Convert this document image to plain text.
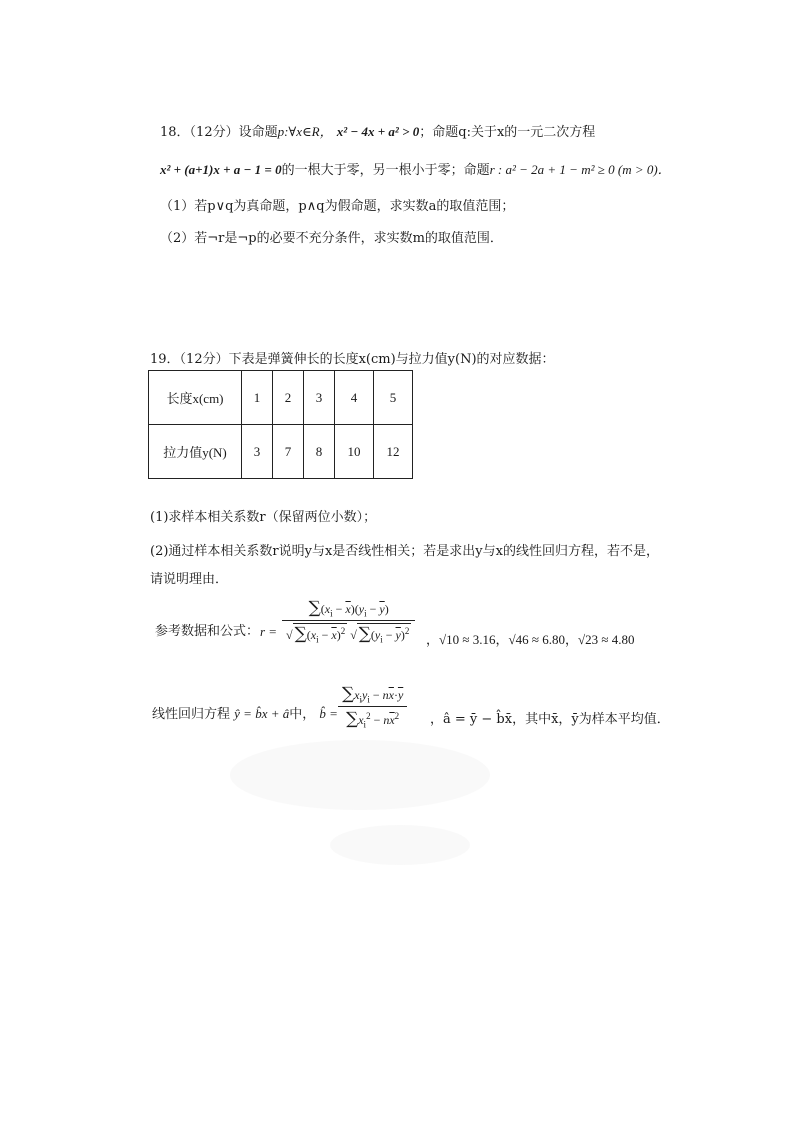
18．（12分）设命题p:∀x∈R， x² − 4x + a² > 0；命题q:关于x的一元二次方程
x² + (a+1)x + a − 1 = 0的一根大于零，另一根小于零；命题r : a² − 2a + 1 − m² ≥ 0 (m > 0)．
（1）若p∨q为真命题，p∧q为假命题，求实数a的取值范围；
（2）若¬r是¬p的必要不充分条件，求实数m的取值范围．
19．（12分）下表是弹簧伸长的长度x(cm)与拉力值y(N)的对应数据：
长度x(cm)	1	2	3	4	5
拉力值y(N)	3	7	8	10	12
(1)求样本相关系数r（保留两位小数）；
(2)通过样本相关系数r说明y与x是否线性相关；若是求出y与x的线性回归方程，若不是，
请说明理由．
参考数据和公式： $r = \frac{\sum(x_i - \overline{x})(y_i - \overline{y})}{√ \sum(x_i - \overline{x})^2 √ \sum(y_i - \overline{y})^2}$ ，√10 ≈ 3.16，√46 ≈ 6.80，√23 ≈ 4.80
线性回归方程 ŷ = b̂x + â中， b̂ =
$\sum x_iy_i - n\overline{x}\cdot\overline{y}$
$\sum x_i^2 - n\overline{x}^2$	，â = ȳ − b̂x̄，其中x̄，ȳ为样本平均值．
